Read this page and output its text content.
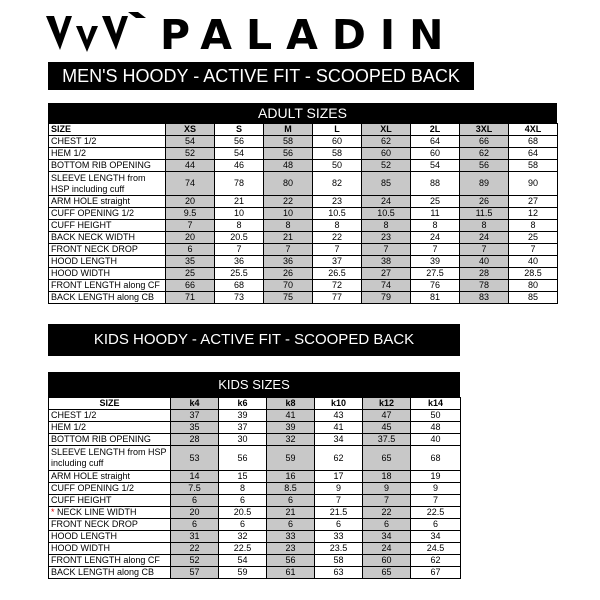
PALADIN
MEN'S HOODY - ACTIVE FIT - SCOOPED BACK
ADULT SIZES
SIZE	XS	S	M	L	XL	2L	3XL	4XL
CHEST 1/2	54	56	58	60	62	64	66	68
HEM 1/2	52	54	56	58	60	60	62	64
BOTTOM RIB OPENING	44	46	48	50	52	54	56	58
SLEEVE LENGTH from HSP including cuff	74	78	80	82	85	88	89	90
ARM HOLE straight	20	21	22	23	24	25	26	27
CUFF OPENING 1/2	9.5	10	10	10.5	10.5	11	11.5	12
CUFF HEIGHT	7	8	8	8	8	8	8	8
BACK NECK WIDTH	20	20.5	21	22	23	24	24	25
FRONT NECK DROP	6	7	7	7	7	7	7	7
HOOD LENGTH	35	36	36	37	38	39	40	40
HOOD WIDTH	25	25.5	26	26.5	27	27.5	28	28.5
FRONT LENGTH along CF	66	68	70	72	74	76	78	80
BACK LENGTH along CB	71	73	75	77	79	81	83	85
KIDS HOODY - ACTIVE FIT - SCOOPED BACK
KIDS SIZES
SIZE	k4	k6	k8	k10	k12	k14
CHEST 1/2	37	39	41	43	47	50
HEM 1/2	35	37	39	41	45	48
BOTTOM RIB OPENING	28	30	32	34	37.5	40
SLEEVE LENGTH from HSP including cuff	53	56	59	62	65	68
ARM HOLE straight	14	15	16	17	18	19
CUFF OPENING 1/2	7.5	8	8.5	9	9	9
CUFF HEIGHT	6	6	6	7	7	7
* NECK LINE WIDTH	20	20.5	21	21.5	22	22.5
FRONT NECK DROP	6	6	6	6	6	6
HOOD LENGTH	31	32	33	33	34	34
HOOD WIDTH	22	22.5	23	23.5	24	24.5
FRONT LENGTH along CF	52	54	56	58	60	62
BACK LENGTH along CB	57	59	61	63	65	67
